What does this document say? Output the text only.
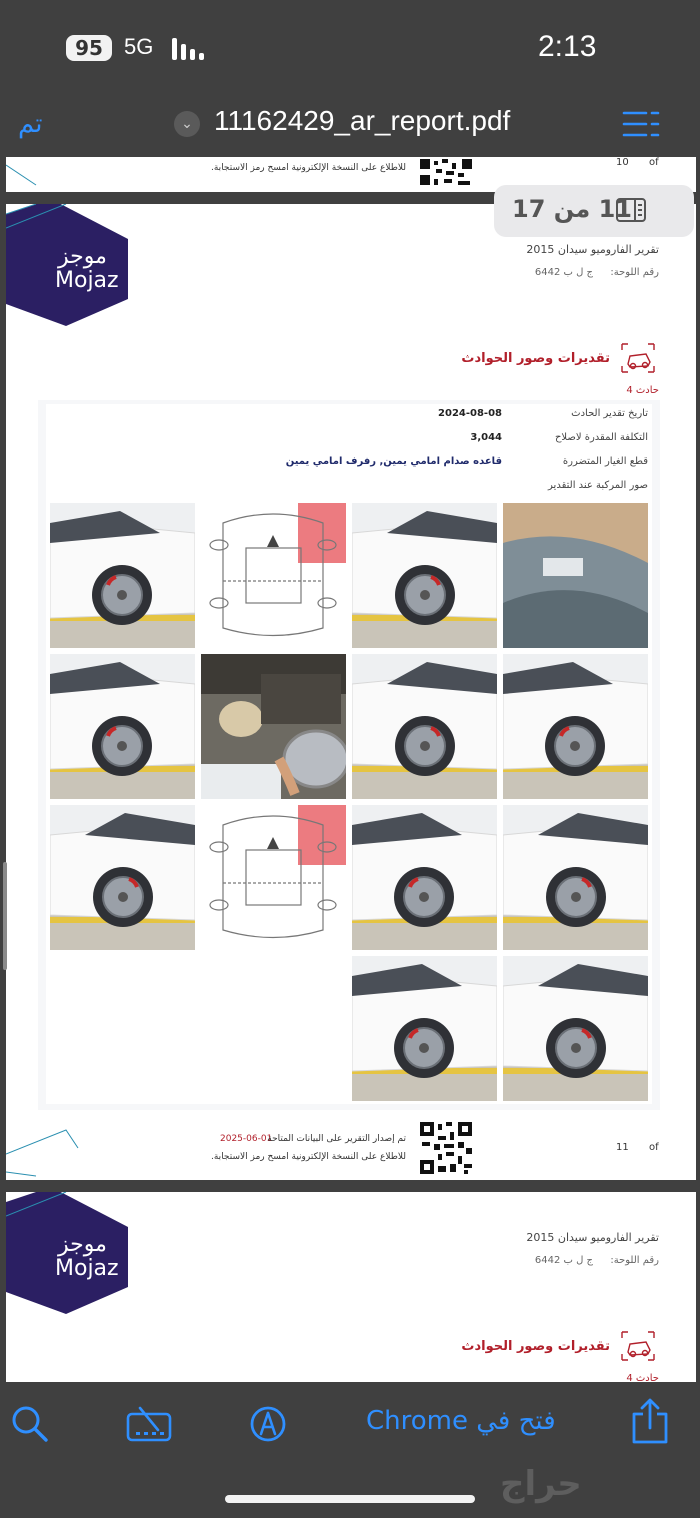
95 5G	2:13
تم	⌄ 11162429_ar_report.pdf
للاطلاع على النسخة الإلكترونية امسح رمز الاستجابة.	10 of
موجز
Mojaz
تقرير الفاروميو سيدان 2015
رقم اللوحة:
ج ل ب 6442
تقديرات وصور الحوادث
حادث 4
تاريخ تقدير الحادث
2024-08-08
التكلفة المقدرة لاصلاح
3,044
قطع الغيار المتضررة
قاعده صدام امامي يمين, رفرف امامي يمين
صور المركبة عند التقدير
2025-06-01
تم إصدار التقرير على البيانات المتاحة
للاطلاع على النسخة الإلكترونية امسح رمز الاستجابة.
11 of
موجز
Mojaz
تقرير الفاروميو سيدان 2015
رقم اللوحة:
ج ل ب 6442
تقديرات وصور الحوادث
حادث 4
11 من 17
فتح في Chrome
حراج
